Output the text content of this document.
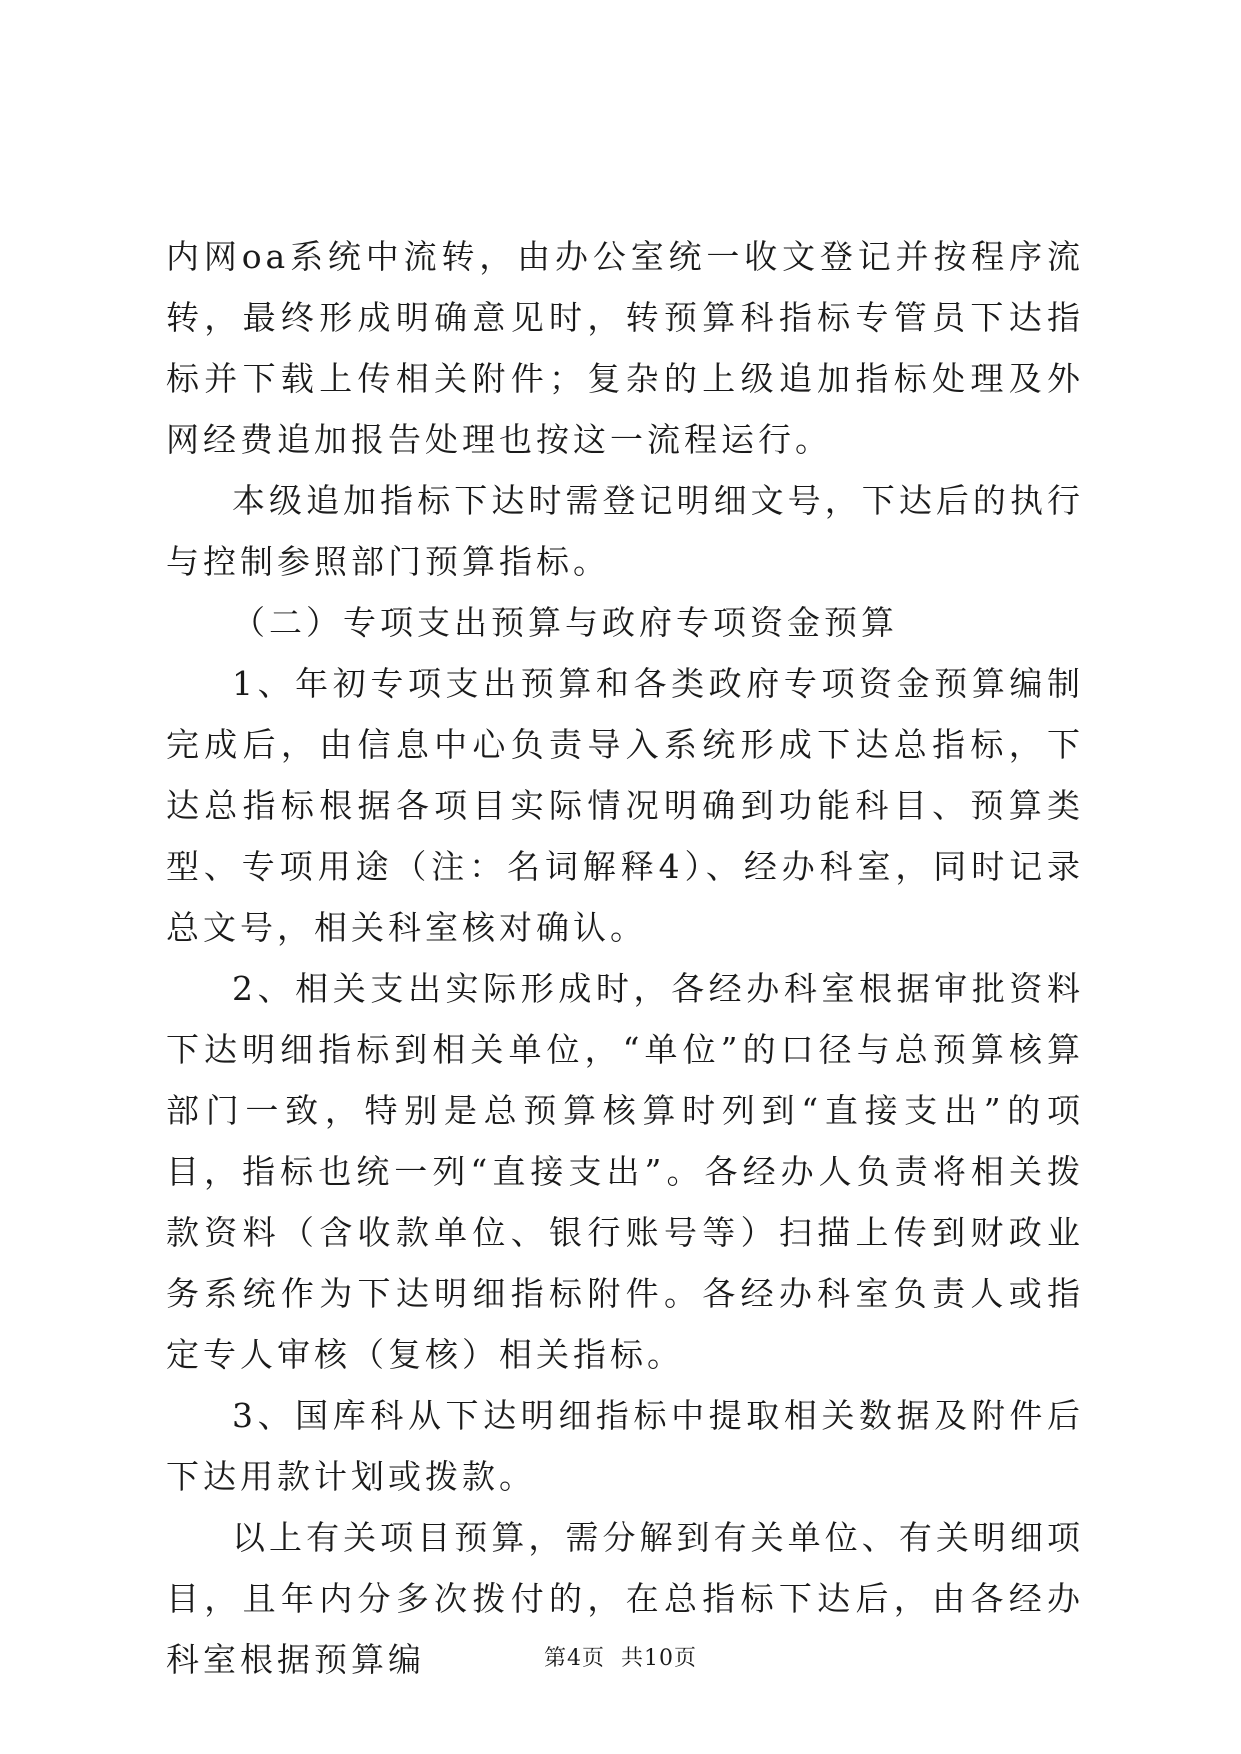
内网oa系统中流转，由办公室统一收文登记并按程序流转，最终形成明确意见时，转预算科指标专管员下达指标并下载上传相关附件；复杂的上级追加指标处理及外网经费追加报告处理也按这一流程运行。

本级追加指标下达时需登记明细文号，下达后的执行与控制参照部门预算指标。

（二）专项支出预算与政府专项资金预算

1、年初专项支出预算和各类政府专项资金预算编制完成后，由信息中心负责导入系统形成下达总指标，下达总指标根据各项目实际情况明确到功能科目、预算类型、专项用途（注：名词解释4）、经办科室，同时记录总文号，相关科室核对确认。

2、相关支出实际形成时，各经办科室根据审批资料下达明细指标到相关单位，“单位”的口径与总预算核算部门一致，特别是总预算核算时列到“直接支出”的项目，指标也统一列“直接支出”。各经办人负责将相关拨款资料（含收款单位、银行账号等）扫描上传到财政业务系统作为下达明细指标附件。各经办科室负责人或指定专人审核（复核）相关指标。

3、国库科从下达明细指标中提取相关数据及附件后下达用款计划或拨款。

以上有关项目预算，需分解到有关单位、有关明细项目，且年内分多次拨付的，在总指标下达后，由各经办科室根据预算编	第4页 共10页
